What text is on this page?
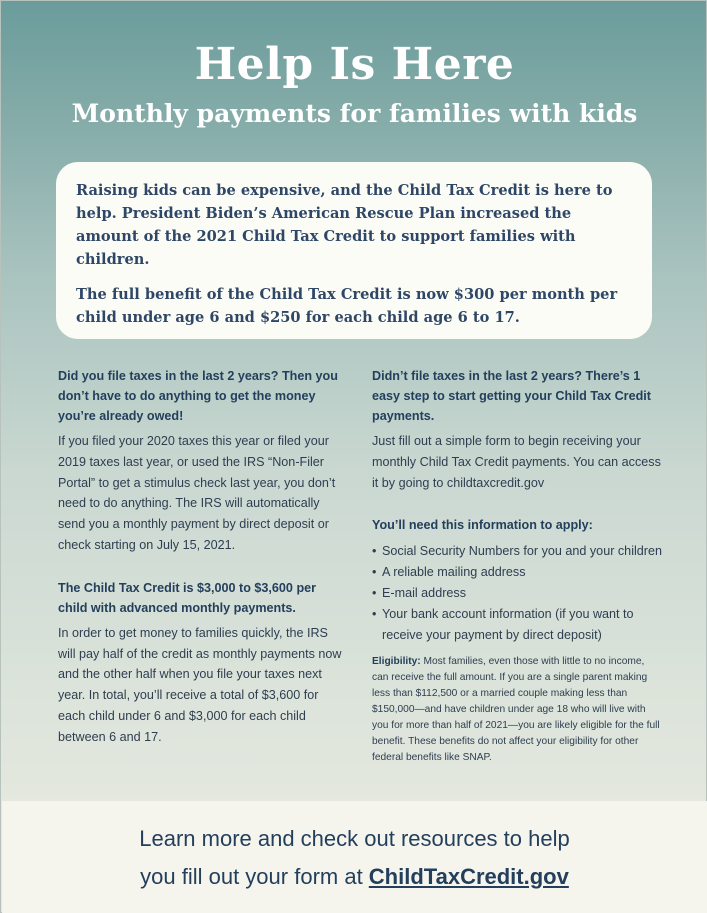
Help Is Here
Monthly payments for families with kids

Raising kids can be expensive, and the Child Tax Credit is here to help. President Biden’s American Rescue Plan increased the amount of the 2021 Child Tax Credit to support families with children.

The full benefit of the Child Tax Credit is now $300 per month per child under age 6 and $250 for each child age 6 to 17.

Did you file taxes in the last 2 years? Then you don’t have to do anything to get the money you’re already owed!

If you filed your 2020 taxes this year or filed your 2019 taxes last year, or used the IRS “Non-Filer Portal” to get a stimulus check last year, you don’t need to do anything. The IRS will automatically send you a monthly payment by direct deposit or check starting on July 15, 2021.

The Child Tax Credit is $3,000 to $3,600 per child with advanced monthly payments.

In order to get money to families quickly, the IRS will pay half of the credit as monthly payments now and the other half when you file your taxes next year. In total, you’ll receive a total of $3,600 for each child under 6 and $3,000 for each child between 6 and 17.

Didn’t file taxes in the last 2 years? There’s 1 easy step to start getting your Child Tax Credit payments.

Just fill out a simple form to begin receiving your monthly Child Tax Credit payments. You can access it by going to childtaxcredit.gov

You’ll need this information to apply:

• Social Security Numbers for you and your children
• A reliable mailing address
• E-mail address
• Your bank account information (if you want to receive your payment by direct deposit)

Eligibility: Most families, even those with little to no income, can receive the full amount. If you are a single parent making less than $112,500 or a married couple making less than $150,000—and have children under age 18 who will live with you for more than half of 2021—you are likely eligible for the full benefit. These benefits do not affect your eligibility for other federal benefits like SNAP.

Learn more and check out resources to help

you fill out your form at ChildTaxCredit.gov
